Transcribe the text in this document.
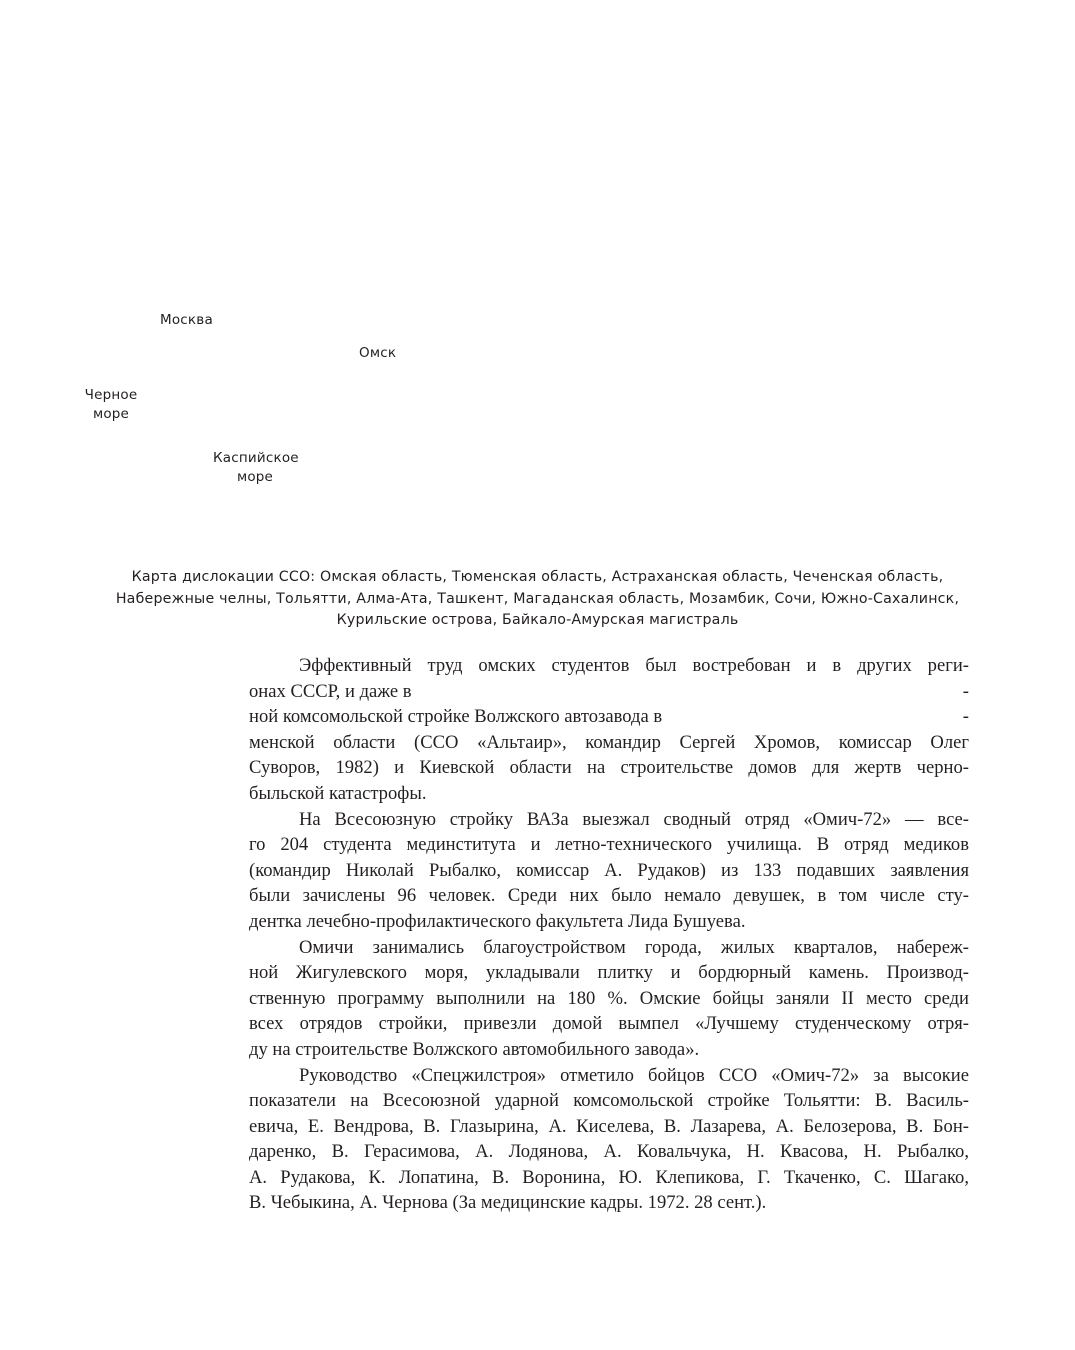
Москва
Омск
Черное
море
Каспийское
море
Карта дислокации ССО: Омская область, Тюменская область, Астраханская область, Чеченская область,
Набережные челны, Тольятти, Алма-Ата, Ташкент, Магаданская область, Мозамбик, Сочи, Южно-Сахалинск,
Курильские острова, Байкало-Амурская магистраль
Эффективный труд омских студентов был востребован и в других реги-
онах СССР, и даже в	-
ной комсомольской стройке Волжского автозавода в	-
менской области (ССО «Альтаир», командир Сергей Хромов, комиссар Олег
Суворов, 1982) и Киевской области на строительстве домов для жертв черно-
быльской катастрофы.
На Всесоюзную стройку ВАЗа выезжал сводный отряд «Омич-72» — все-
го 204 студента мединститута и летно-технического училища. В отряд медиков
(командир Николай Рыбалко, комиссар А. Рудаков) из 133 подавших заявления
были зачислены 96 человек. Среди них было немало девушек, в том числе сту-
дентка лечебно-профилактического факультета Лида Бушуева.
Омичи занимались благоустройством города, жилых кварталов, набереж-
ной Жигулевского моря, укладывали плитку и бордюрный камень. Производ-
ственную программу выполнили на 180 %. Омские бойцы заняли II место среди
всех отрядов стройки, привезли домой вымпел «Лучшему студенческому отря-
ду на строительстве Волжского автомобильного завода».
Руководство «Спецжилстроя» отметило бойцов ССО «Омич-72» за высокие
показатели на Всесоюзной ударной комсомольской стройке Тольятти: В. Василь-
евича, Е. Вендрова, В. Глазырина, А. Киселева, В. Лазарева, А. Белозерова, В. Бон-
даренко, В. Герасимова, А. Лодянова, А. Ковальчука, Н. Квасова, Н. Рыбалко,
А. Рудакова, К. Лопатина, В. Воронина, Ю. Клепикова, Г. Ткаченко, С. Шагако,
В. Чебыкина, А. Чернова (За медицинские кадры. 1972. 28 сент.).
